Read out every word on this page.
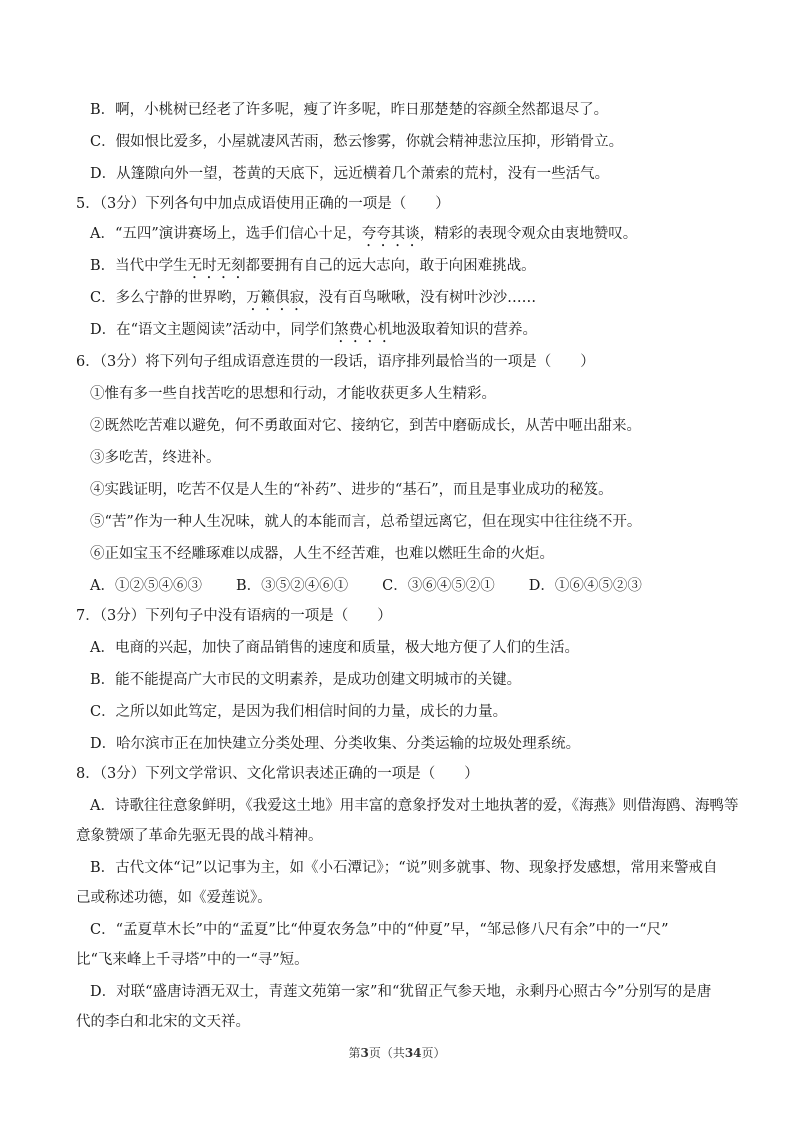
B．啊，小桃树已经老了许多呢，瘦了许多呢，昨日那楚楚的容颜全然都退尽了。
C．假如恨比爱多，小屋就凄风苦雨，愁云惨雾，你就会精神悲泣压抑，形销骨立。
D．从篷隙向外一望，苍黄的天底下，远近横着几个萧索的荒村，没有一些活气。
5．（3分）下列各句中加点成语使用正确的一项是（　　）
A．“五四”演讲赛场上，选手们信心十足，夸夸其谈，精彩的表现令观众由衷地赞叹。
B．当代中学生无时无刻都要拥有自己的远大志向，敢于向困难挑战。
C．多么宁静的世界哟，万籁俱寂，没有百鸟啾啾，没有树叶沙沙……
D．在“语文主题阅读”活动中，同学们煞费心机地汲取着知识的营养。
6．（3分）将下列句子组成语意连贯的一段话，语序排列最恰当的一项是（　　）
①惟有多一些自找苦吃的思想和行动，才能收获更多人生精彩。
②既然吃苦难以避免，何不勇敢面对它、接纳它，到苦中磨砺成长，从苦中咂出甜来。
③多吃苦，终进补。
④实践证明，吃苦不仅是人生的“补药”、进步的“基石”，而且是事业成功的秘笈。
⑤“苦”作为一种人生况味，就人的本能而言，总希望远离它，但在现实中往往绕不开。
⑥正如宝玉不经雕琢难以成器，人生不经苦难，也难以燃旺生命的火炬。
A．①②⑤④⑥③ B．③⑤②④⑥① C．③⑥④⑤②① D．①⑥④⑤②③
7．（3分）下列句子中没有语病的一项是（　　）
A．电商的兴起，加快了商品销售的速度和质量，极大地方便了人们的生活。
B．能不能提高广大市民的文明素养，是成功创建文明城市的关键。
C．之所以如此笃定，是因为我们相信时间的力量，成长的力量。
D．哈尔滨市正在加快建立分类处理、分类收集、分类运输的垃圾处理系统。
8．（3分）下列文学常识、文化常识表述正确的一项是（　　）
A．诗歌往往意象鲜明，《我爱这土地》用丰富的意象抒发对土地执著的爱，《海燕》则借海鸥、海鸭等
意象赞颂了革命先驱无畏的战斗精神。
B．古代文体“记”以记事为主，如《小石潭记》；“说”则多就事、物、现象抒发感想，常用来警戒自
己或称述功德，如《爱莲说》。
C．“孟夏草木长”中的“孟夏”比“仲夏农务急”中的“仲夏”早，“邹忌修八尺有余”中的一“尺”
比“飞来峰上千寻塔”中的一“寻”短。
D．对联“盛唐诗酒无双士，青莲文苑第一家”和“犹留正气参天地，永剩丹心照古今”分别写的是唐
代的李白和北宋的文天祥。
第3页（共34页）
